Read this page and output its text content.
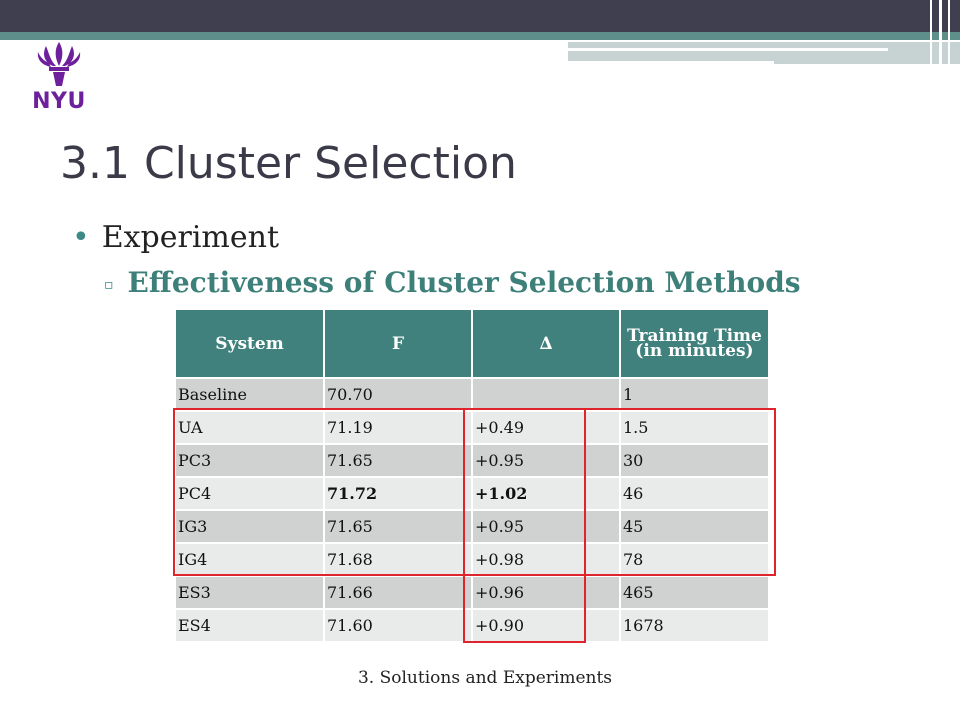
NYU
3.1 Cluster Selection
• Experiment
▫ Effectiveness of Cluster Selection Methods
System	F	∆	Training Time (in minutes)
Baseline	70.70		1
UA	71.19	+0.49	1.5
PC3	71.65	+0.95	30
PC4	71.72	+1.02	46
IG3	71.65	+0.95	45
IG4	71.68	+0.98	78
ES3	71.66	+0.96	465
ES4	71.60	+0.90	1678
3. Solutions and Experiments
